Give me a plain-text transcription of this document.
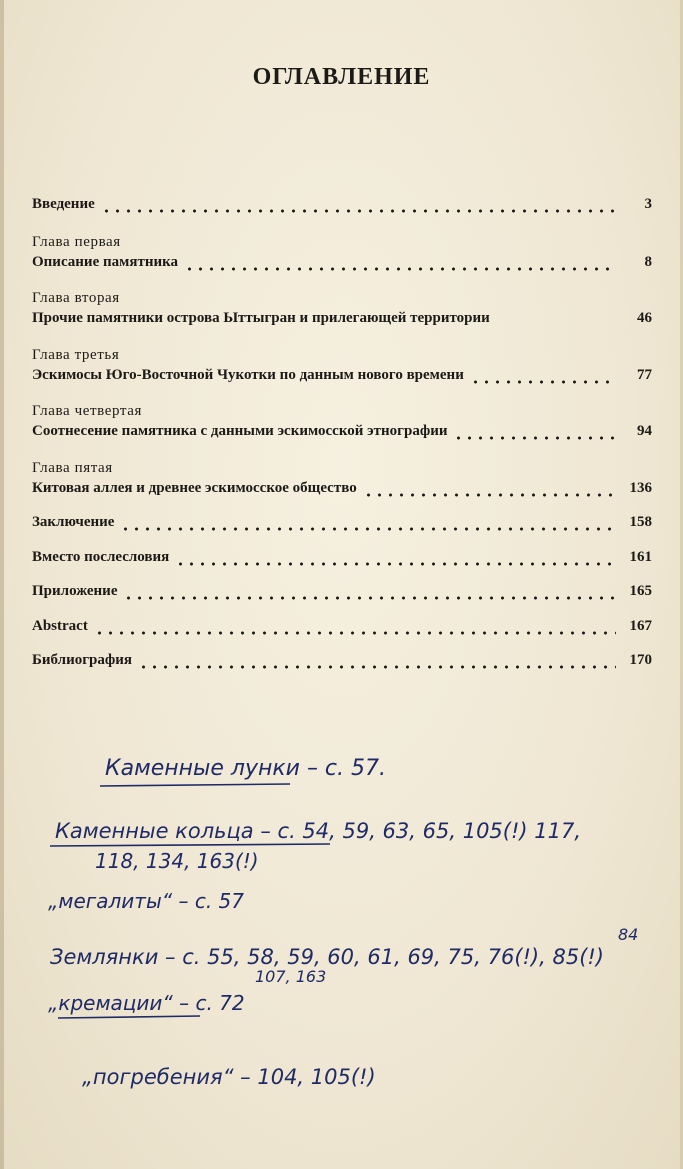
ОГЛАВЛЕНИЕ
Введение	3
Глава первая
Описание памятника	8
Глава вторая
Прочие памятники острова Ыттыгран и прилегающей территории	46
Глава третья
Эскимосы Юго-Восточной Чукотки по данным нового времени	77
Глава четвертая
Соотнесение памятника с данными эскимосской этнографии	94
Глава пятая
Китовая аллея и древнее эскимосское общество	136
Заключение	158
Вместо послесловия	161
Приложение	165
Abstract	167
Библиография	170
Каменные лунки – с. 57.
Каменные кольца – с. 54, 59, 63, 65, 105(!) 117,
118, 134, 163(!)
„мегалиты“ – с. 57
84
Землянки – с. 55, 58, 59, 60, 61, 69, 75, 76(!), 85(!)
107, 163
„кремации“ – с. 72
„погребения“ – 104, 105(!)
